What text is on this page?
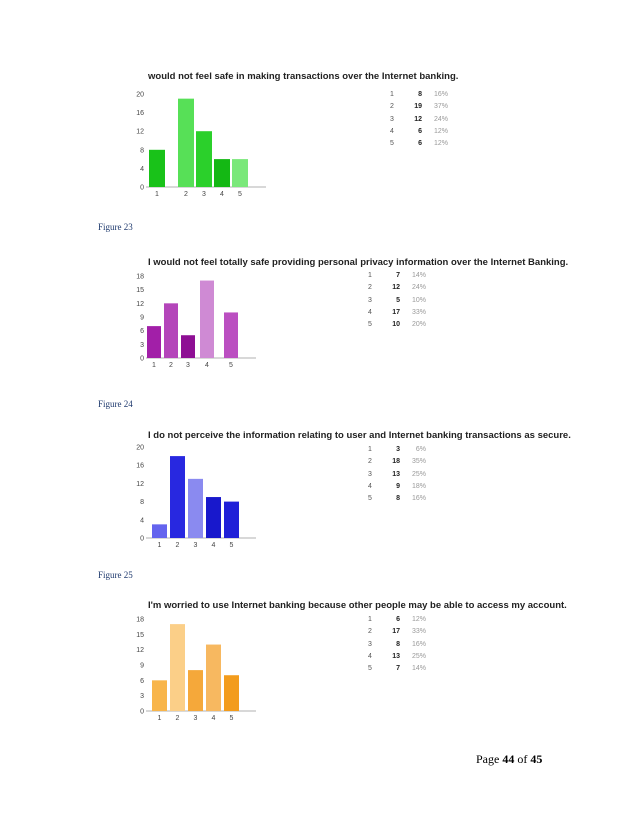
would not feel safe in making transactions over the Internet banking.
0
4
8
12
16
20
1	2 3 4 5
1	8 16%
2	19 37%
3	12 24%
4	6 12%
5	6 12%
Figure 23
I would not feel totally safe providing personal privacy information over the Internet Banking.
0
3
6
9
12
15
18
1 2 3 4	5
1	7 14%
2	12 24%
3	5 10%
4	17 33%
5	10 20%
Figure 24
I do not perceive the information relating to user and Internet banking transactions as secure.
0
4
8
12
16
20
1 2 3 4 5
1	3 6%
2	18 35%
3	13 25%
4	9 18%
5	8 16%
Figure 25
I'm worried to use Internet banking because other people may be able to access my account.
0
3
6
9
12
15
18
1 2 3 4 5
1	6 12%
2	17 33%
3	8 16%
4	13 25%
5	7 14%
Page 44 of 45
